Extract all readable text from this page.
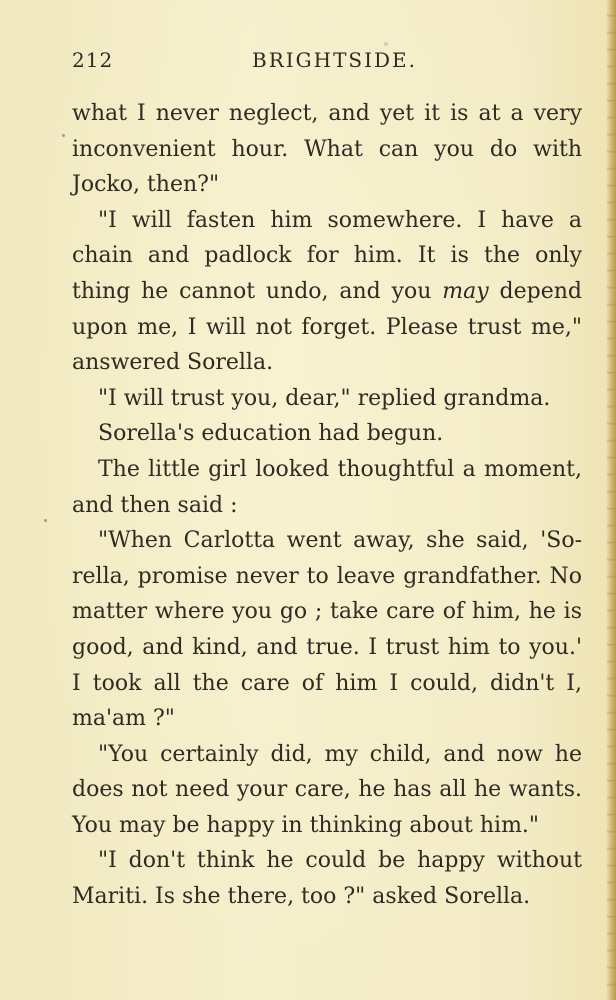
212	BRIGHTSIDE.
what I never neglect, and yet it is at a very
inconvenient hour. What can you do with
Jocko, then?"
"I will fasten him somewhere. I have a
chain and padlock for him. It is the only
thing he cannot undo, and you may depend
upon me, I will not forget. Please trust me,"
answered Sorella.
"I will trust you, dear," replied grandma.
Sorella's education had begun.
The little girl looked thoughtful a moment,
and then said :
"When Carlotta went away, she said, 'So-
rella, promise never to leave grandfather. No
matter where you go ; take care of him, he is
good, and kind, and true. I trust him to you.'
I took all the care of him I could, didn't I,
ma'am ?"
"You certainly did, my child, and now he
does not need your care, he has all he wants.
You may be happy in thinking about him."
"I don't think he could be happy without
Mariti. Is she there, too ?" asked Sorella.
